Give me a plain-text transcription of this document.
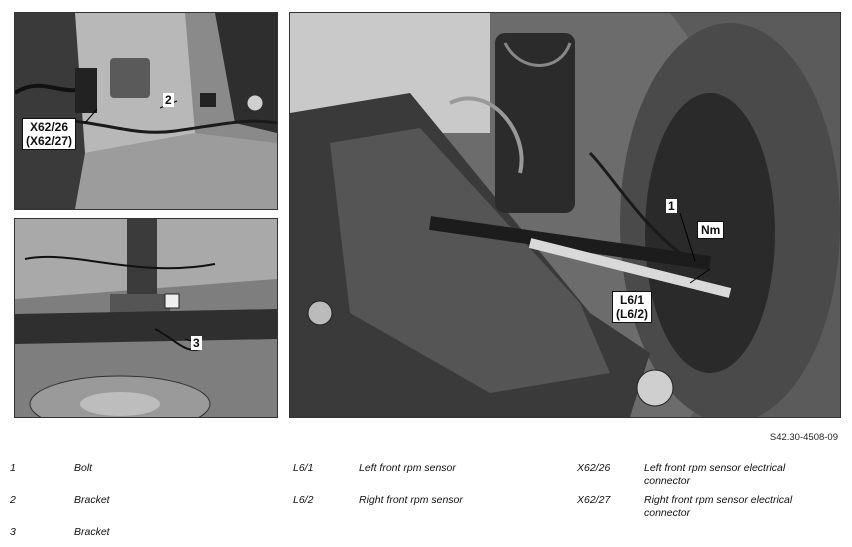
X62/26
(X62/27)
2
3
1
Nm
L6/1
(L6/2)
S42.30-4508-09
1	Bolt
2	Bracket
3	Bracket
L6/1	Left front rpm sensor
L6/2	Right front rpm sensor
X62/26	Left front rpm sensor electrical connector
X62/27	Right front rpm sensor electrical connector
